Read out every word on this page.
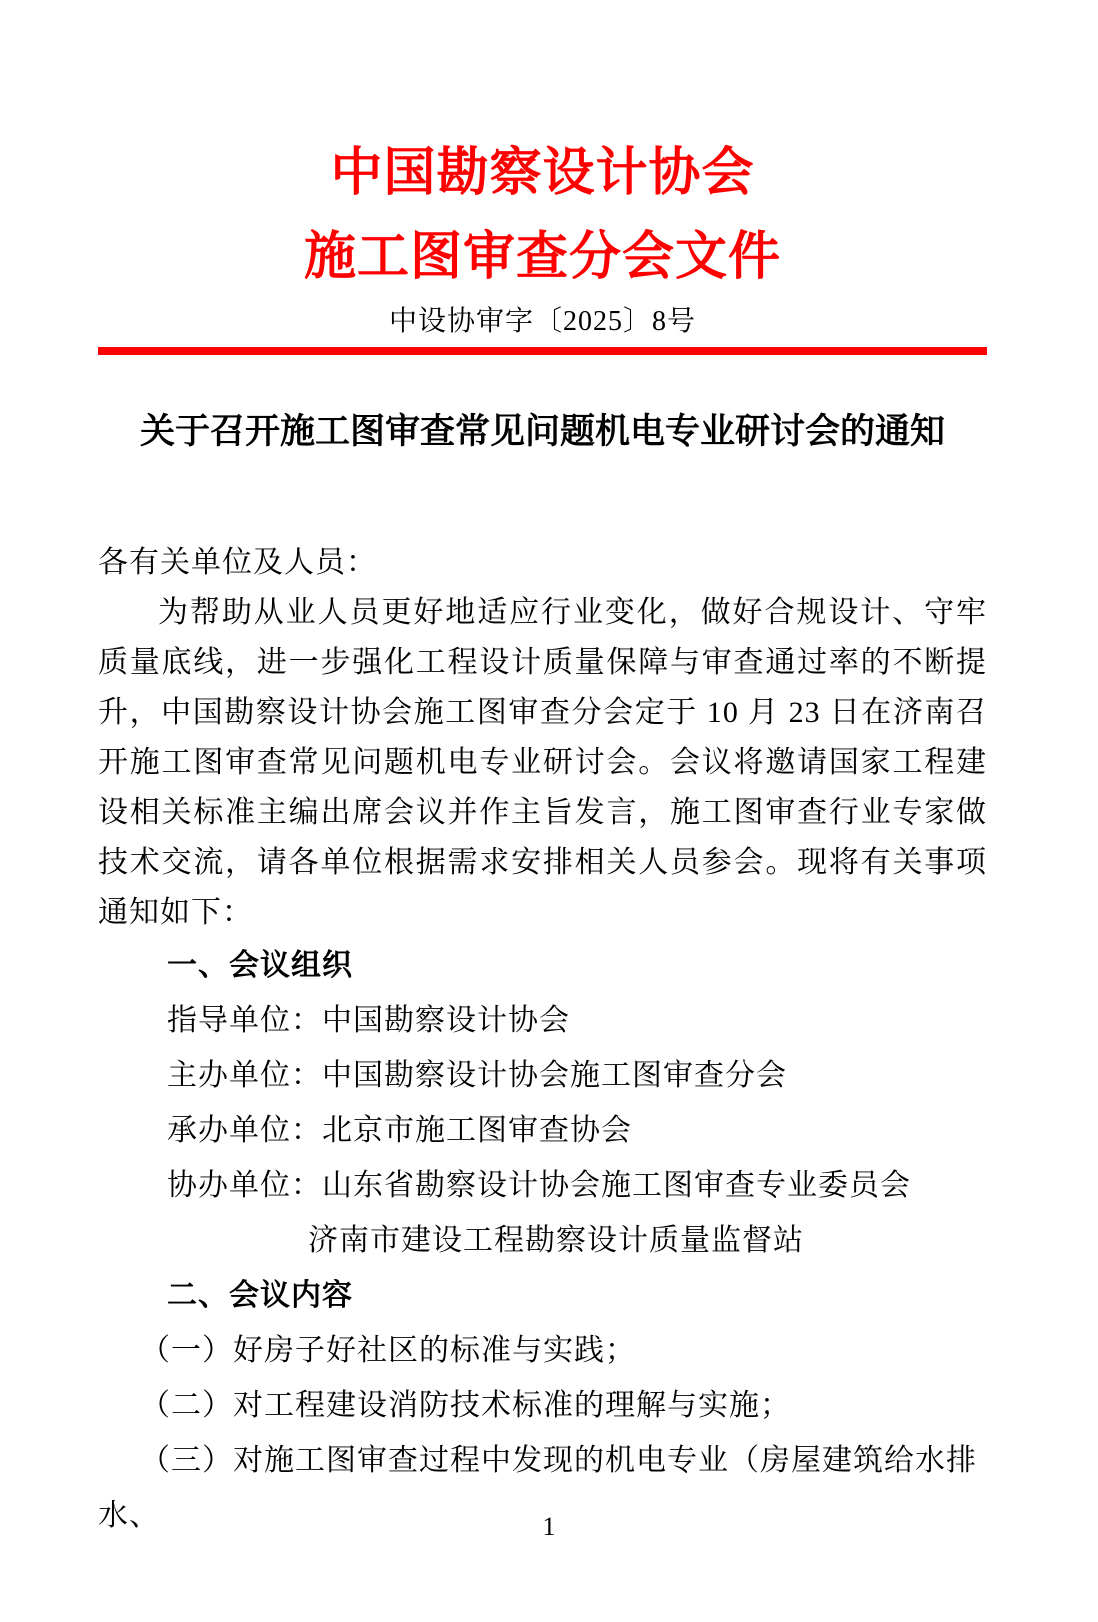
中国勘察设计协会
施工图审查分会文件
中设协审字〔2025〕8号
关于召开施工图审查常见问题机电专业研讨会的通知

各有关单位及人员：

为帮助从业人员更好地适应行业变化，做好合规设计、守牢质量底线，进一步强化工程设计质量保障与审查通过率的不断提升，中国勘察设计协会施工图审查分会定于 10 月 23 日在济南召开施工图审查常见问题机电专业研讨会。会议将邀请国家工程建设相关标准主编出席会议并作主旨发言，施工图审查行业专家做技术交流，请各单位根据需求安排相关人员参会。现将有关事项通知如下：

一、会议组织
指导单位：中国勘察设计协会
主办单位：中国勘察设计协会施工图审查分会
承办单位：北京市施工图审查协会
协办单位：山东省勘察设计协会施工图审查专业委员会
济南市建设工程勘察设计质量监督站
二、会议内容

（一）好房子好社区的标准与实践；

（二）对工程建设消防技术标准的理解与实施；

（三）对施工图审查过程中发现的机电专业（房屋建筑给水排水、	1
